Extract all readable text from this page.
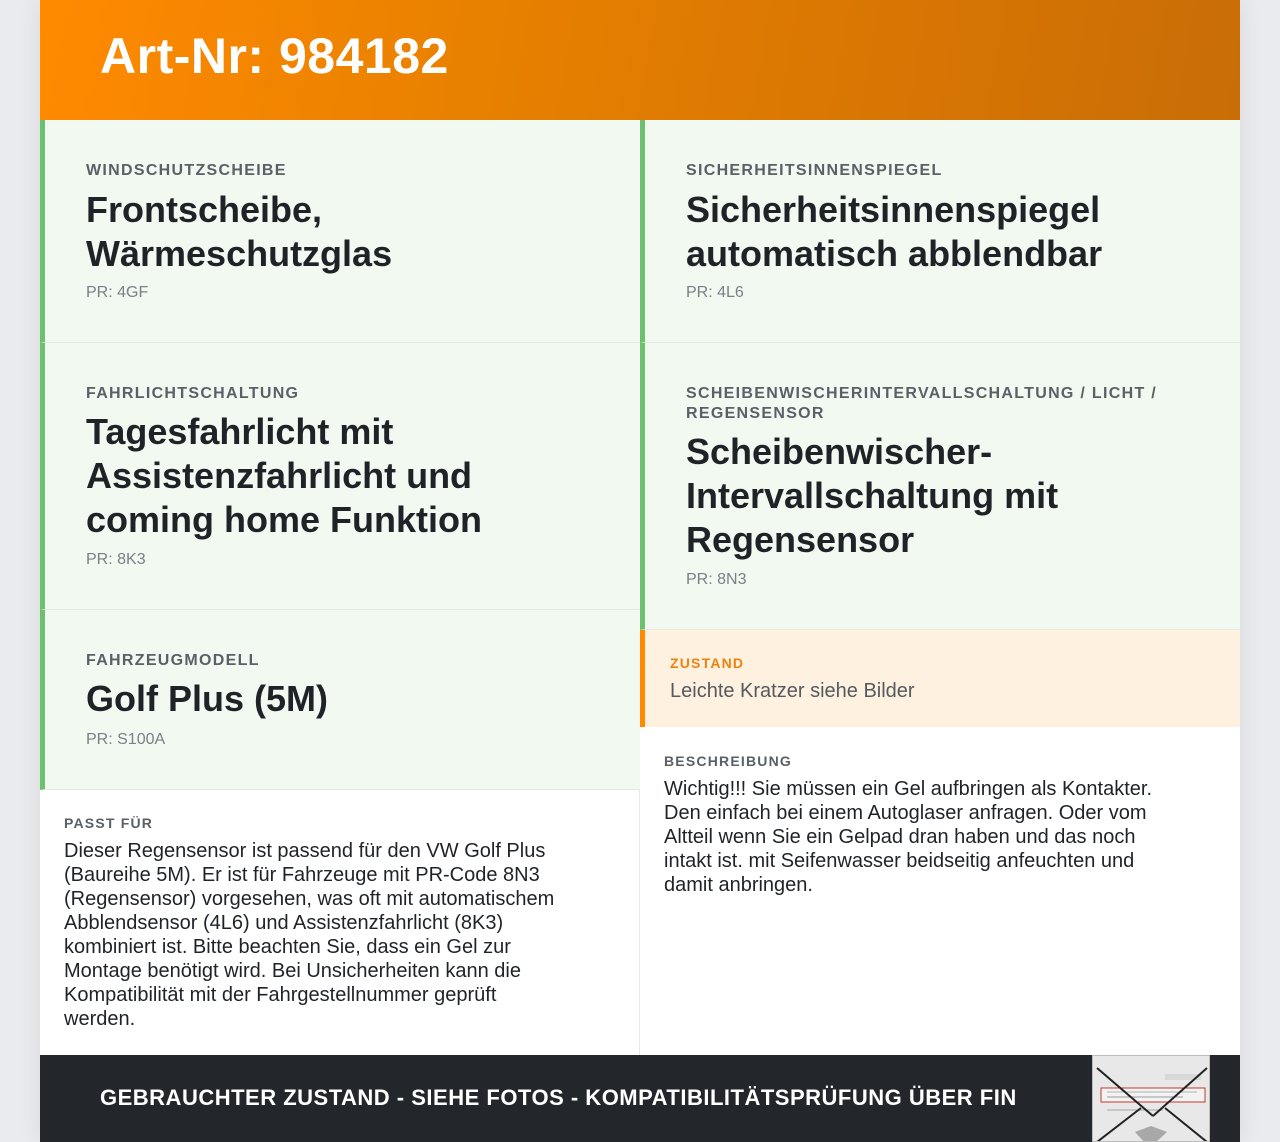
Art-Nr: 984182
WINDSCHUTZSCHEIBE
Frontscheibe,
Wärmeschutzglas
PR: 4GF
SICHERHEITSINNENSPIEGEL
Sicherheitsinnenspiegel
automatisch abblendbar
PR: 4L6
FAHRLICHTSCHALTUNG
Tagesfahrlicht mit
Assistenzfahrlicht und
coming home Funktion
PR: 8K3
SCHEIBENWISCHERINTERVALLSCHALTUNG / LICHT /
REGENSENSOR
Scheibenwischer-
Intervallschaltung mit
Regensensor
PR: 8N3
FAHRZEUGMODELL
Golf Plus (5M)
PR: S100A
ZUSTAND
Leichte Kratzer siehe Bilder
BESCHREIBUNG
Wichtig!!! Sie müssen ein Gel aufbringen als Kontakter.
Den einfach bei einem Autoglaser anfragen. Oder vom
Altteil wenn Sie ein Gelpad dran haben und das noch
intakt ist. mit Seifenwasser beidseitig anfeuchten und
damit anbringen.
PASST FÜR
Dieser Regensensor ist passend für den VW Golf Plus
(Baureihe 5M). Er ist für Fahrzeuge mit PR-Code 8N3
(Regensensor) vorgesehen, was oft mit automatischem
Abblendsensor (4L6) und Assistenzfahrlicht (8K3)
kombiniert ist. Bitte beachten Sie, dass ein Gel zur
Montage benötigt wird. Bei Unsicherheiten kann die
Kompatibilität mit der Fahrgestellnummer geprüft
werden.
GEBRAUCHTER ZUSTAND - SIEHE FOTOS - KOMPATIBILITÄTSPRÜFUNG ÜBER FIN
